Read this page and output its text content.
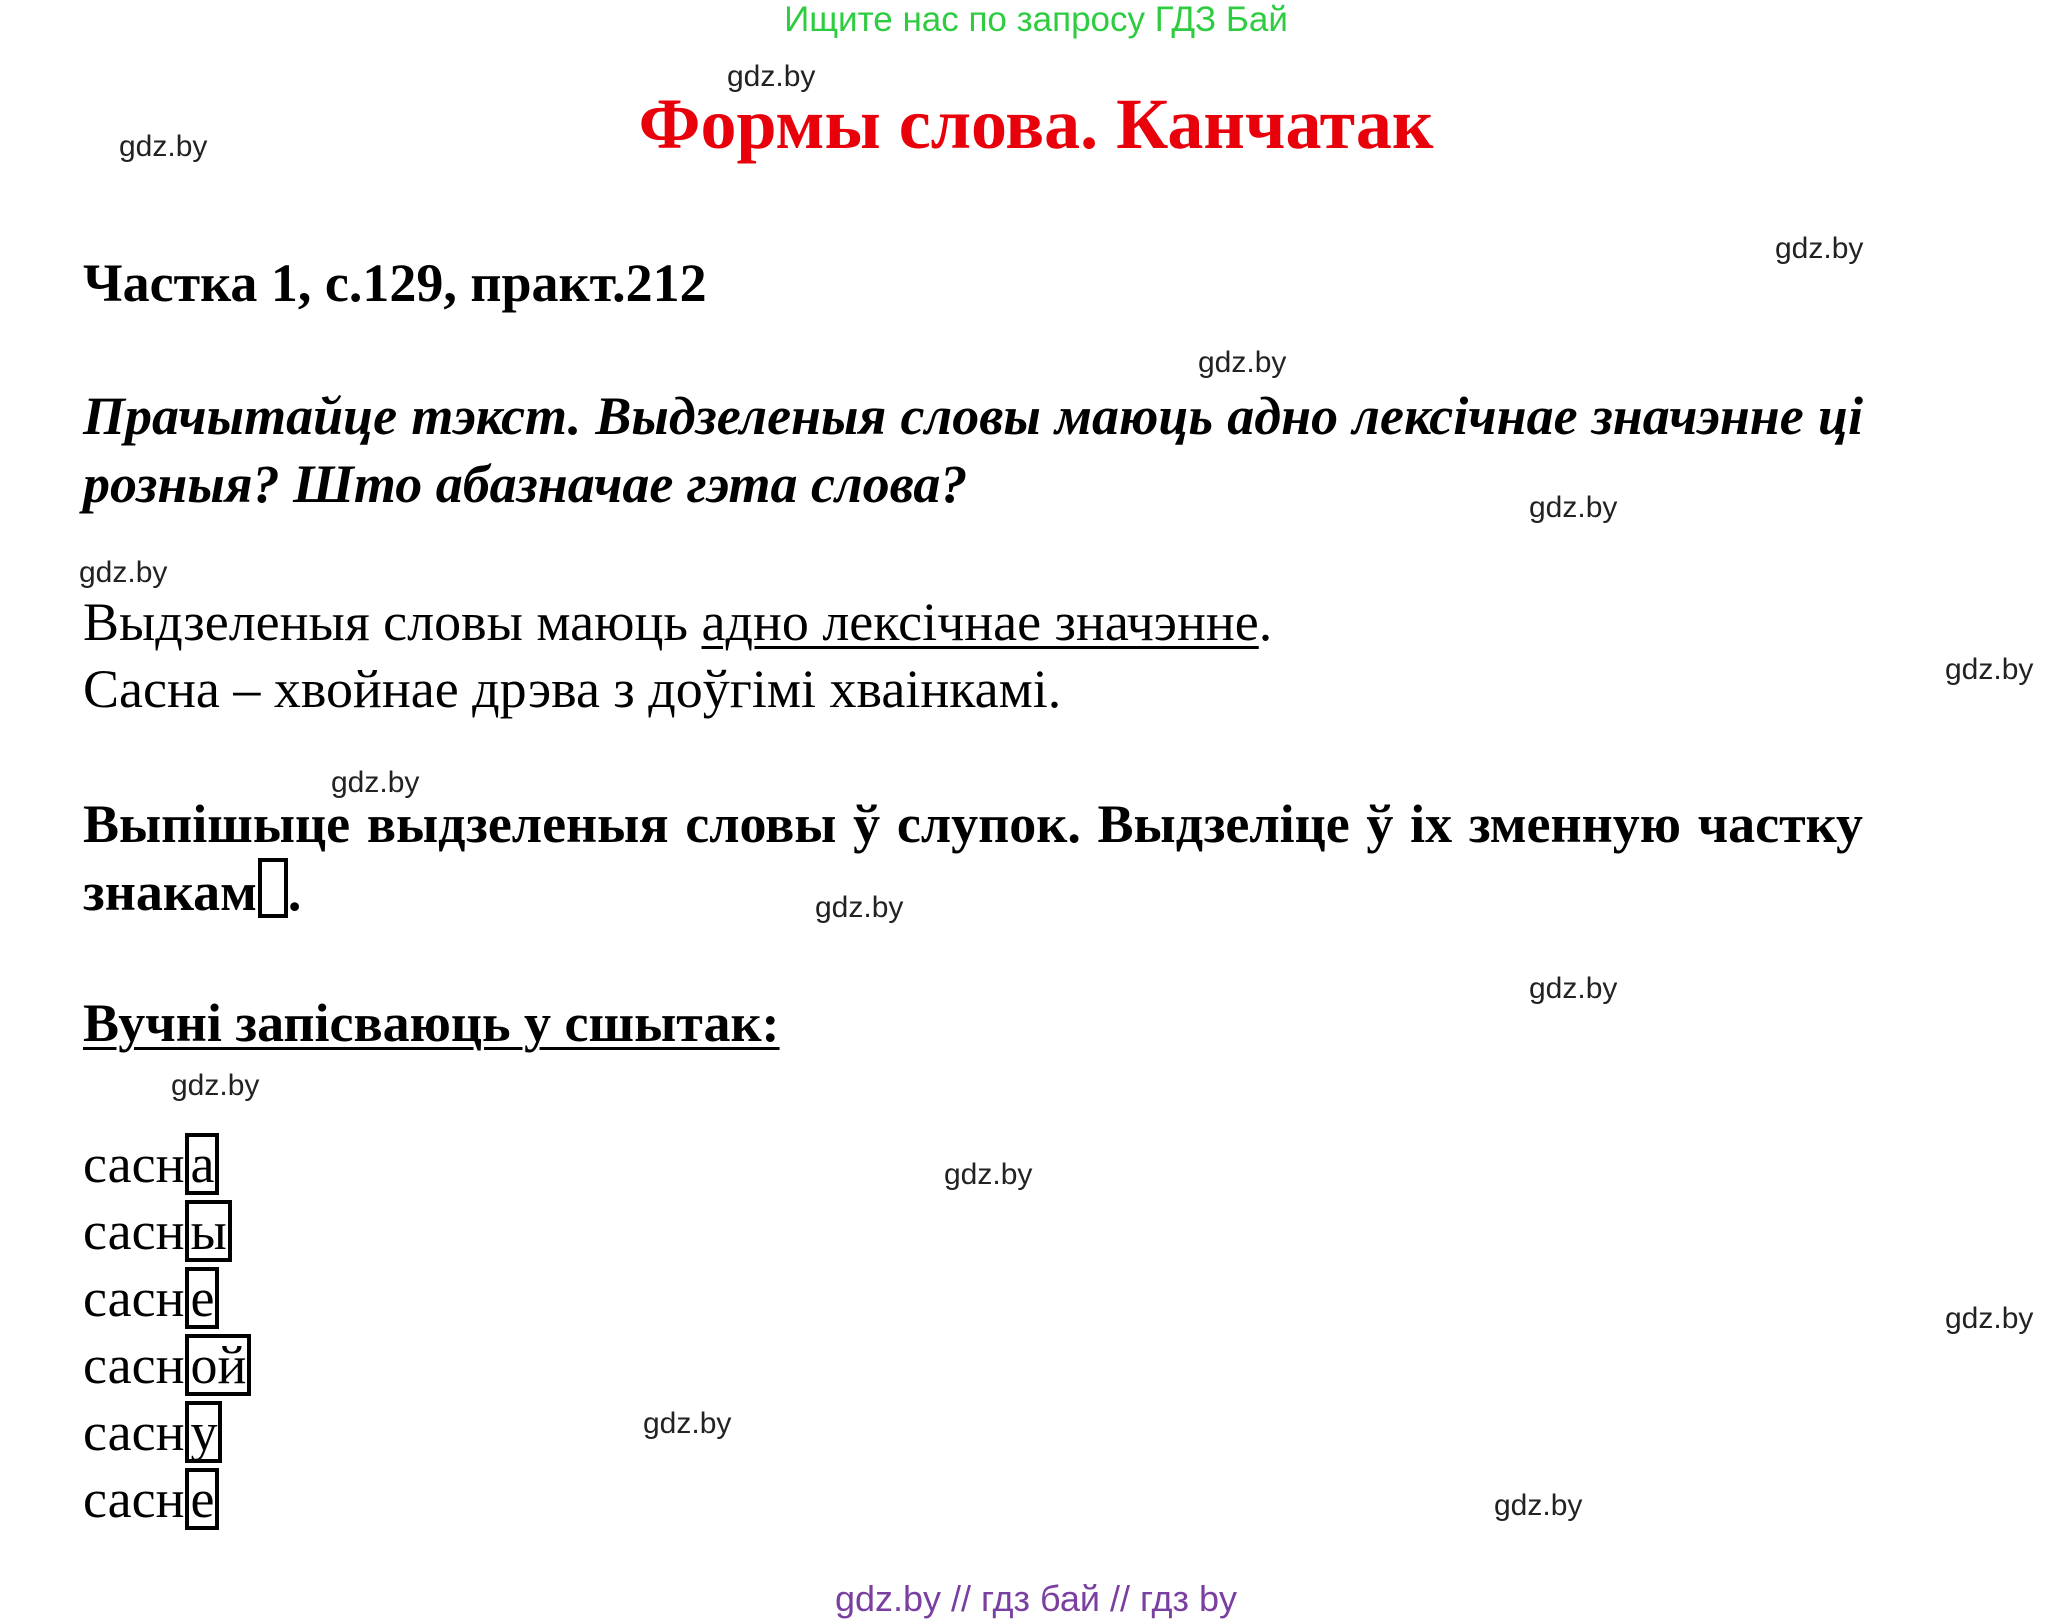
Ищите нас по запросу ГДЗ Бай
Формы слова. Канчатак
gdz.by
gdz.by
gdz.by
gdz.by
gdz.by
gdz.by
gdz.by
gdz.by
gdz.by
gdz.by
gdz.by
gdz.by
gdz.by
gdz.by
gdz.by
Частка 1, с.129, практ.212
Прачытайце тэкст. Выдзеленыя словы маюць адно лексічнае значэнне ці розныя? Што абазначае гэта слова?
Выдзеленыя словы маюць адно лексічнае значэнне.
Сасна – хвойнае дрэва з доўгімі хваінкамі.
Выпішыце выдзеленыя словы ў слупок. Выдзеліце ў іх зменную частку знакам .
Вучні запісваюць у сшытак:
сасн а
сасн ы
сасн е
сасн ой
сасн у
сасн е
gdz.by // гдз бай // гдз by
